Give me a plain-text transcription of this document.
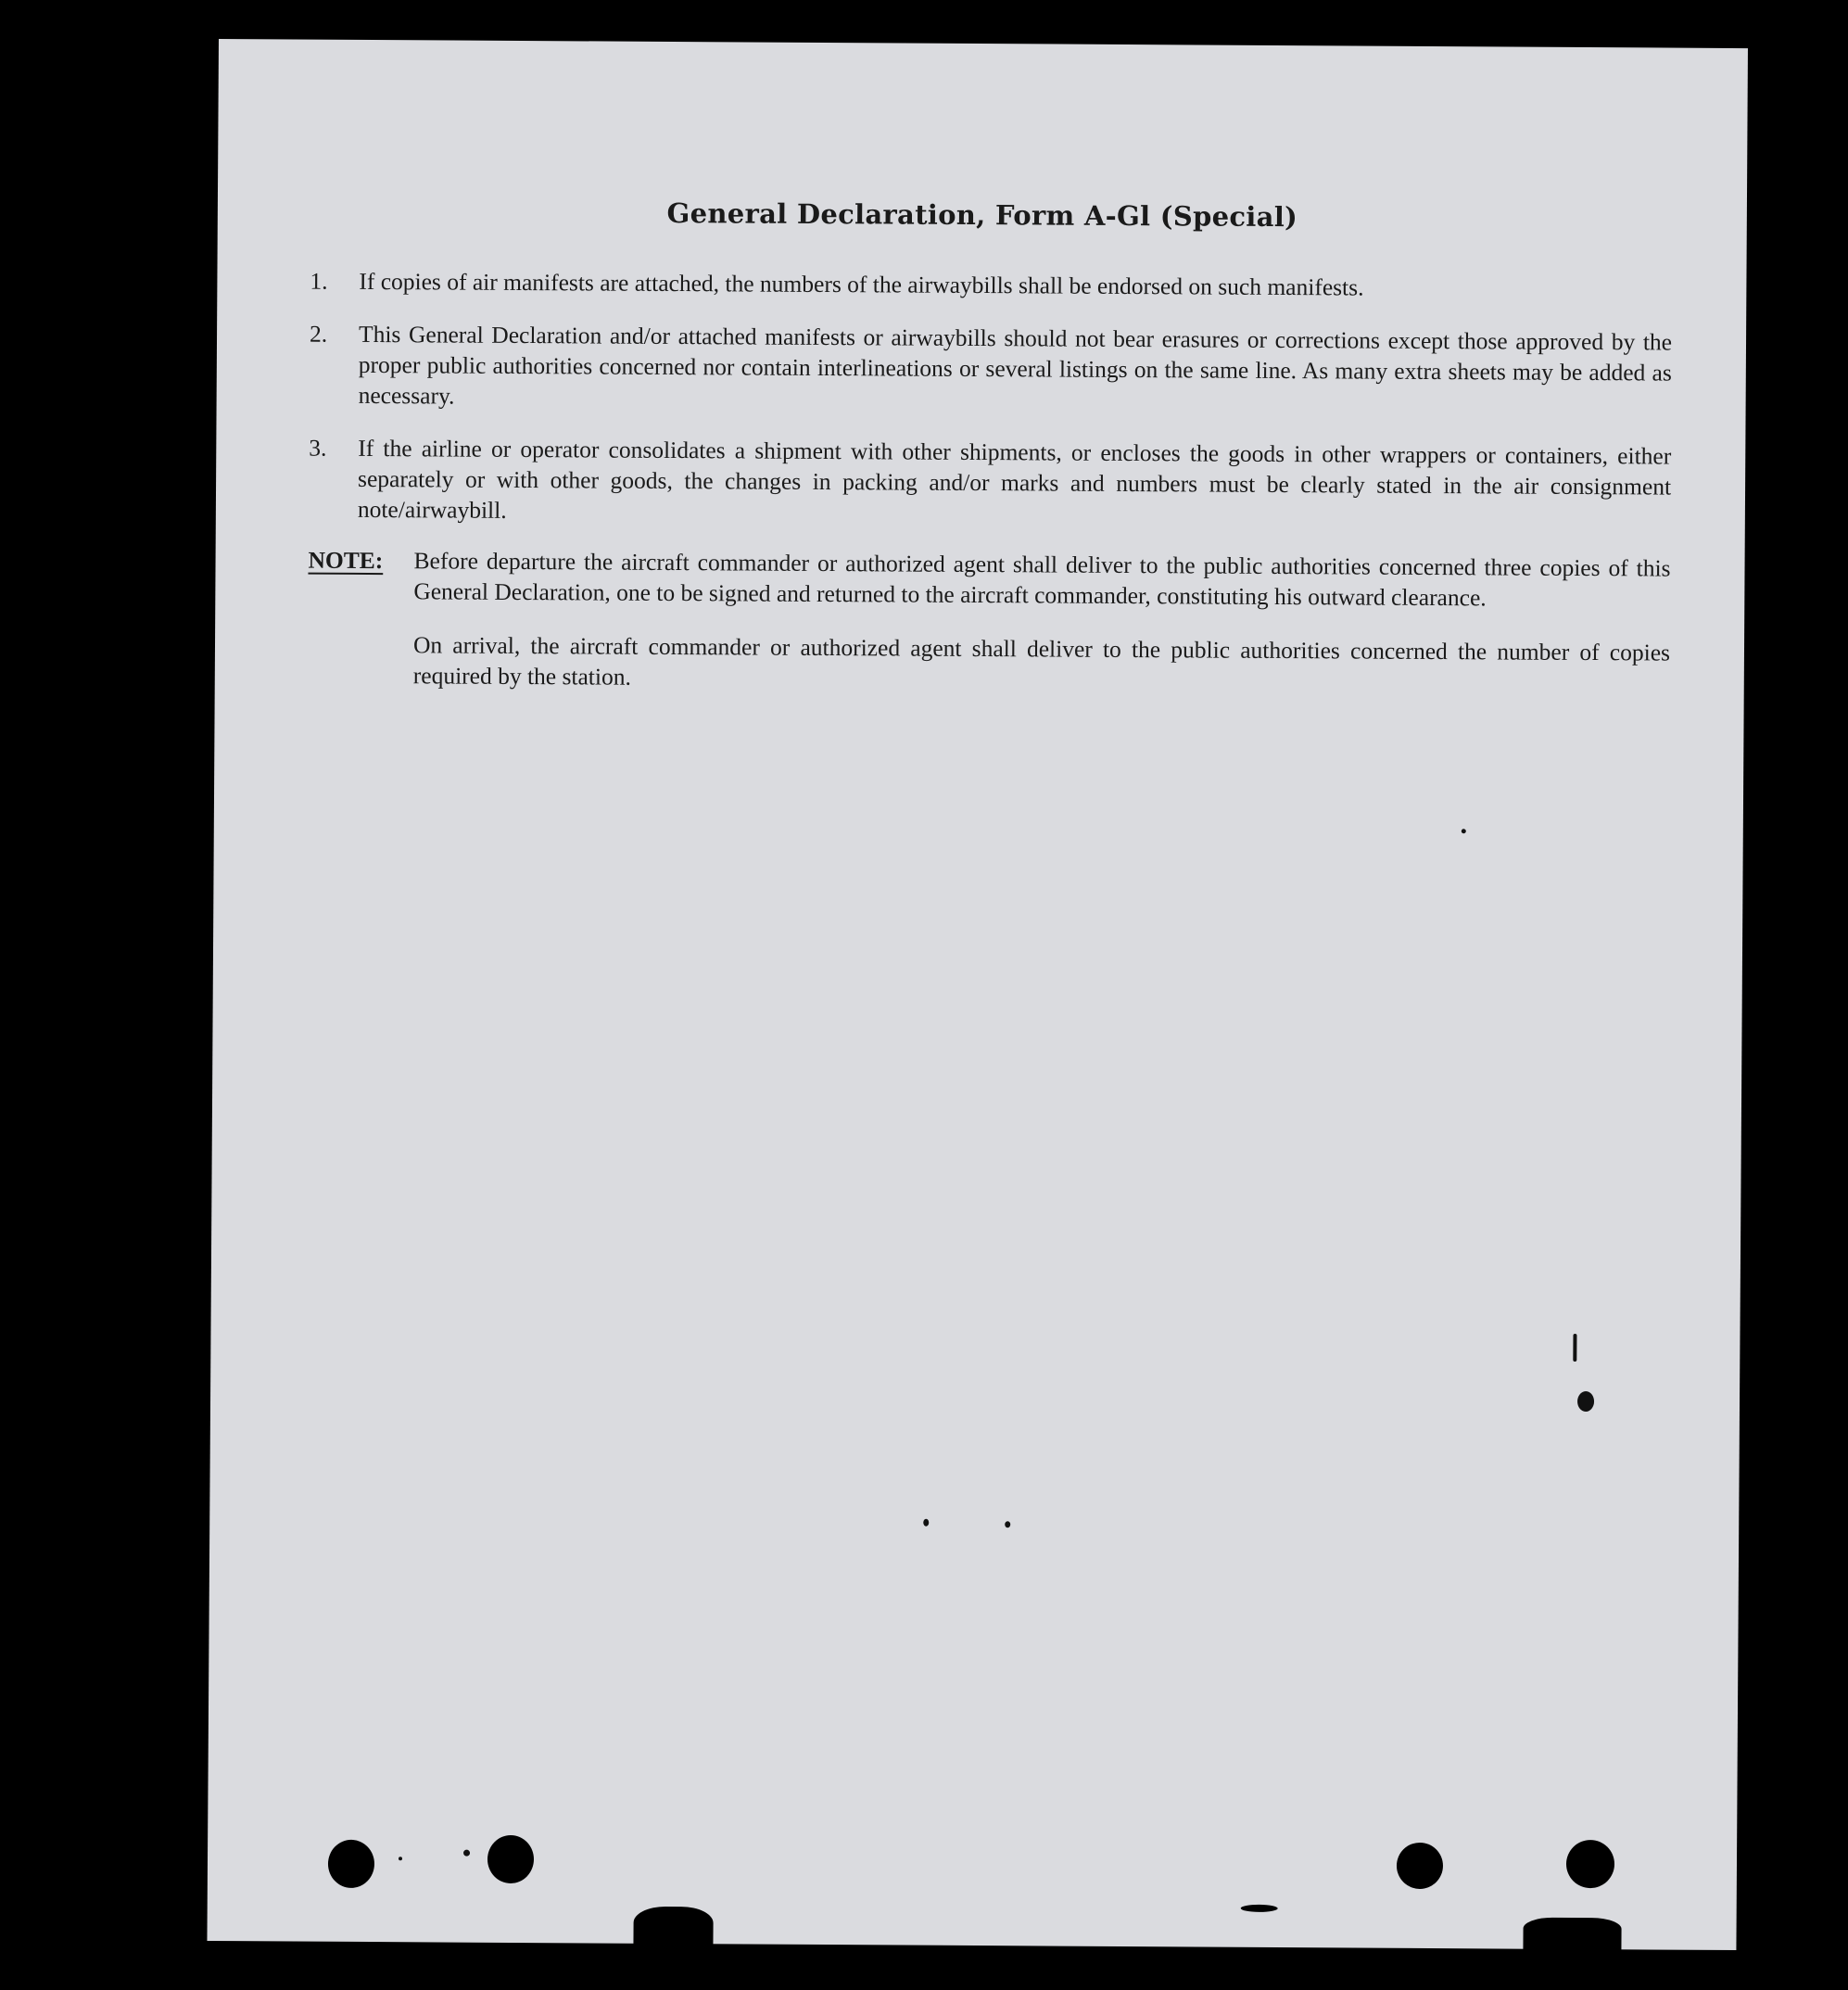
General Declaration, Form A-Gl (Special)
1.	If copies of air manifests are attached, the numbers of the airwaybills shall be endorsed on such manifests.
2.	This General Declaration and/or attached manifests or airwaybills should not bear erasures or corrections except those approved by the proper public authorities concerned nor contain interlineations or several listings on the same line. As many extra sheets may be added as necessary.
3.	If the airline or operator consolidates a shipment with other shipments, or encloses the goods in other wrappers or containers, either separately or with other goods, the changes in packing and/or marks and numbers must be clearly stated in the air consignment note/airwaybill.
NOTE:	Before departure the aircraft commander or authorized agent shall deliver to the public authorities concerned three copies of this General Declaration, one to be signed and returned to the aircraft commander, constituting his outward clearance.

On arrival, the aircraft commander or authorized agent shall deliver to the public authorities concerned the number of copies required by the station.
